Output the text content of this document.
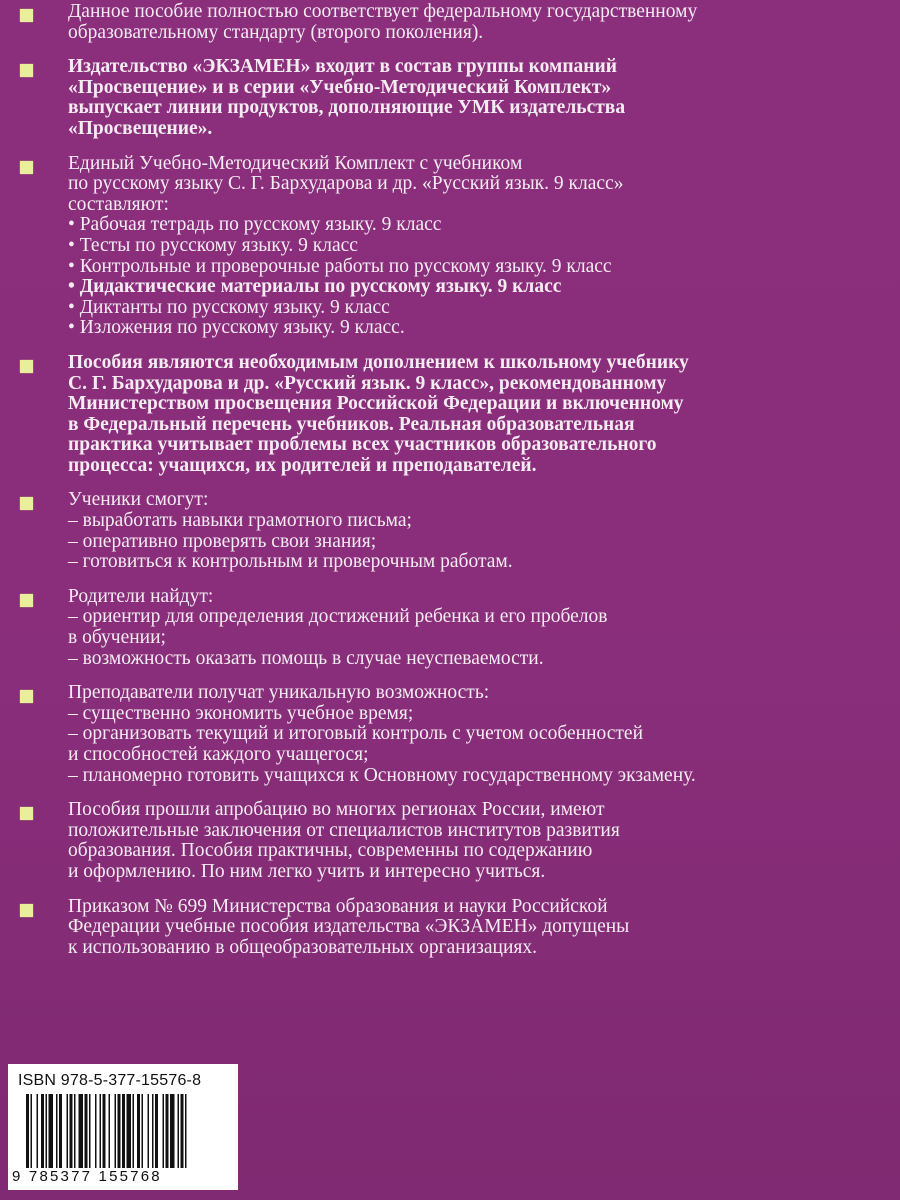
Данное пособие полностью соответствует федеральному государственному
образовательному стандарту (второго поколения).
Издательство «ЭКЗАМЕН» входит в состав группы компаний
«Просвещение» и в серии «Учебно-Методический Комплект»
выпускает линии продуктов, дополняющие УМК издательства
«Просвещение».
Единый Учебно-Методический Комплект с учебником
по русскому языку С. Г. Бархударова и др. «Русский язык. 9 класс»
составляют:
• Рабочая тетрадь по русскому языку. 9 класс
• Тесты по русскому языку. 9 класс
• Контрольные и проверочные работы по русскому языку. 9 класс
• Дидактические материалы по русскому языку. 9 класс
• Диктанты по русскому языку. 9 класс
• Изложения по русскому языку. 9 класс.
Пособия являются необходимым дополнением к школьному учебнику
С. Г. Бархударова и др. «Русский язык. 9 класс», рекомендованному
Министерством просвещения Российской Федерации и включенному
в Федеральный перечень учебников. Реальная образовательная
практика учитывает проблемы всех участников образовательного
процесса: учащихся, их родителей и преподавателей.
Ученики смогут:
– выработать навыки грамотного письма;
– оперативно проверять свои знания;
– готовиться к контрольным и проверочным работам.
Родители найдут:
– ориентир для определения достижений ребенка и его пробелов
в обучении;
– возможность оказать помощь в случае неуспеваемости.
Преподаватели получат уникальную возможность:
– существенно экономить учебное время;
– организовать текущий и итоговый контроль с учетом особенностей
и способностей каждого учащегося;
– планомерно готовить учащихся к Основному государственному экзамену.
Пособия прошли апробацию во многих регионах России, имеют
положительные заключения от специалистов институтов развития
образования. Пособия практичны, современны по содержанию
и оформлению. По ним легко учить и интересно учиться.
Приказом № 699 Министерства образования и науки Российской
Федерации учебные пособия издательства «ЭКЗАМЕН» допущены
к использованию в общеобразовательных организациях.
ISBN 978-5-377-15576-8
9 785377 155768
